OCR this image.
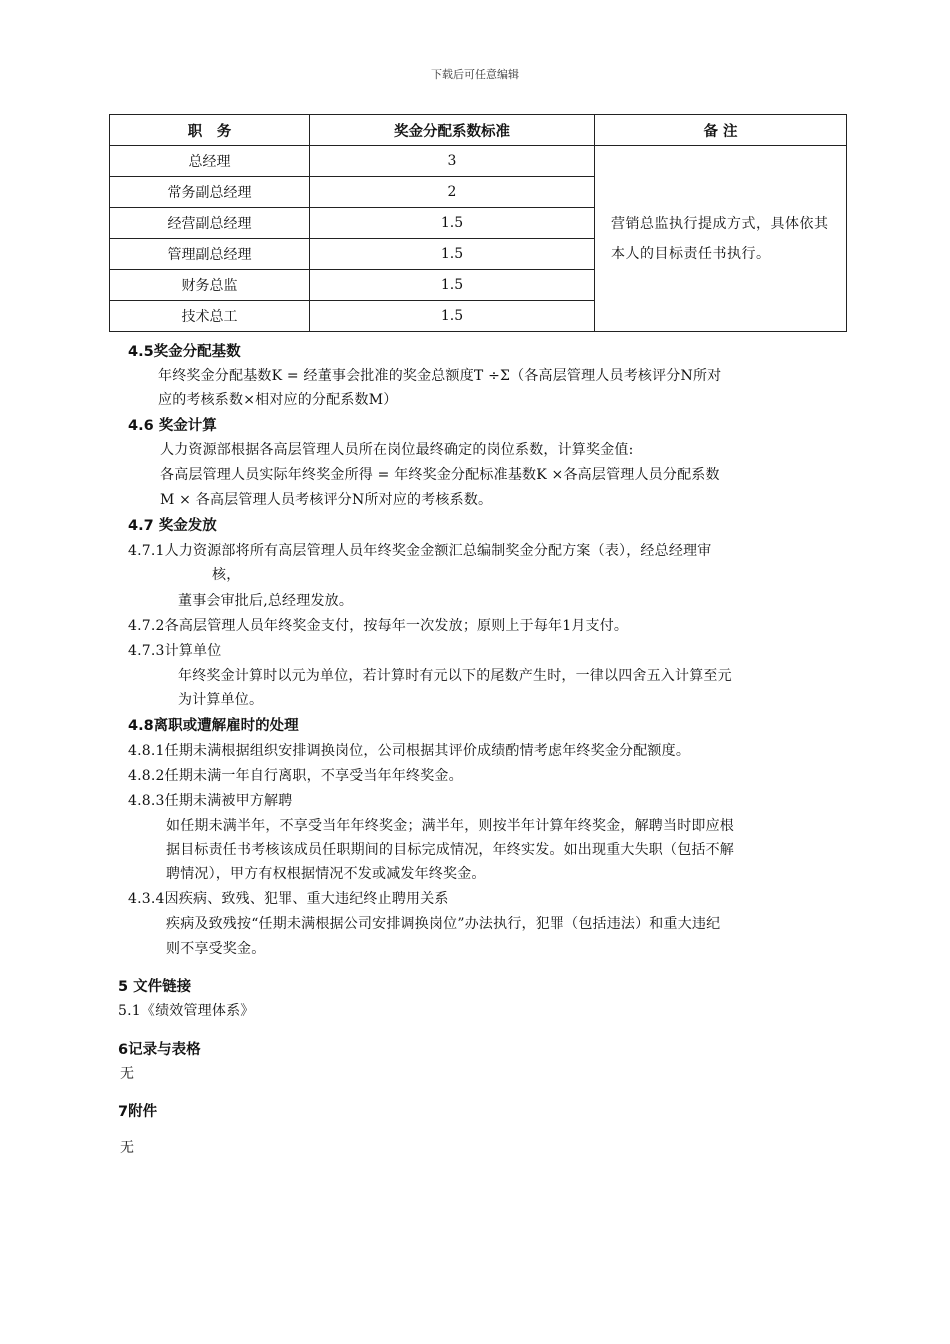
下载后可任意编辑
职　务	奖金分配系数标准	备 注
总经理	3	营销总监执行提成方式，具体依其本人的目标责任书执行。
常务副总经理	2	
经营副总经理	1.5	
管理副总经理	1.5	
财务总监	1.5	
技术总工	1.5	
4.5奖金分配基数
年终奖金分配基数K = 经董事会批准的奖金总额度T ÷Σ（各高层管理人员考核评分N所对
应的考核系数×相对应的分配系数M）
4.6 奖金计算
人力资源部根据各高层管理人员所在岗位最终确定的岗位系数，计算奖金值:
各高层管理人员实际年终奖金所得 = 年终奖金分配标准基数K ×各高层管理人员分配系数
M × 各高层管理人员考核评分N所对应的考核系数。
4.7 奖金发放
4.7.1人力资源部将所有高层管理人员年终奖金金额汇总编制奖金分配方案（表），经总经理审
核，
董事会审批后,总经理发放。
4.7.2各高层管理人员年终奖金支付，按每年一次发放；原则上于每年1月支付。
4.7.3计算单位
年终奖金计算时以元为单位，若计算时有元以下的尾数产生时，一律以四舍五入计算至元
为计算单位。
4.8离职或遭解雇时的处理
4.8.1任期未满根据组织安排调换岗位，公司根据其评价成绩酌情考虑年终奖金分配额度。
4.8.2任期未满一年自行离职，不享受当年年终奖金。
4.8.3任期未满被甲方解聘
如任期未满半年，不享受当年年终奖金；满半年，则按半年计算年终奖金，解聘当时即应根
据目标责任书考核该成员任职期间的目标完成情况，年终实发。如出现重大失职（包括不解
聘情况），甲方有权根据情况不发或减发年终奖金。
4.3.4因疾病、致残、犯罪、重大违纪终止聘用关系
疾病及致残按“任期未满根据公司安排调换岗位”办法执行，犯罪（包括违法）和重大违纪
则不享受奖金。
5 文件链接
5.1《绩效管理体系》
6记录与表格
无
7附件
无
